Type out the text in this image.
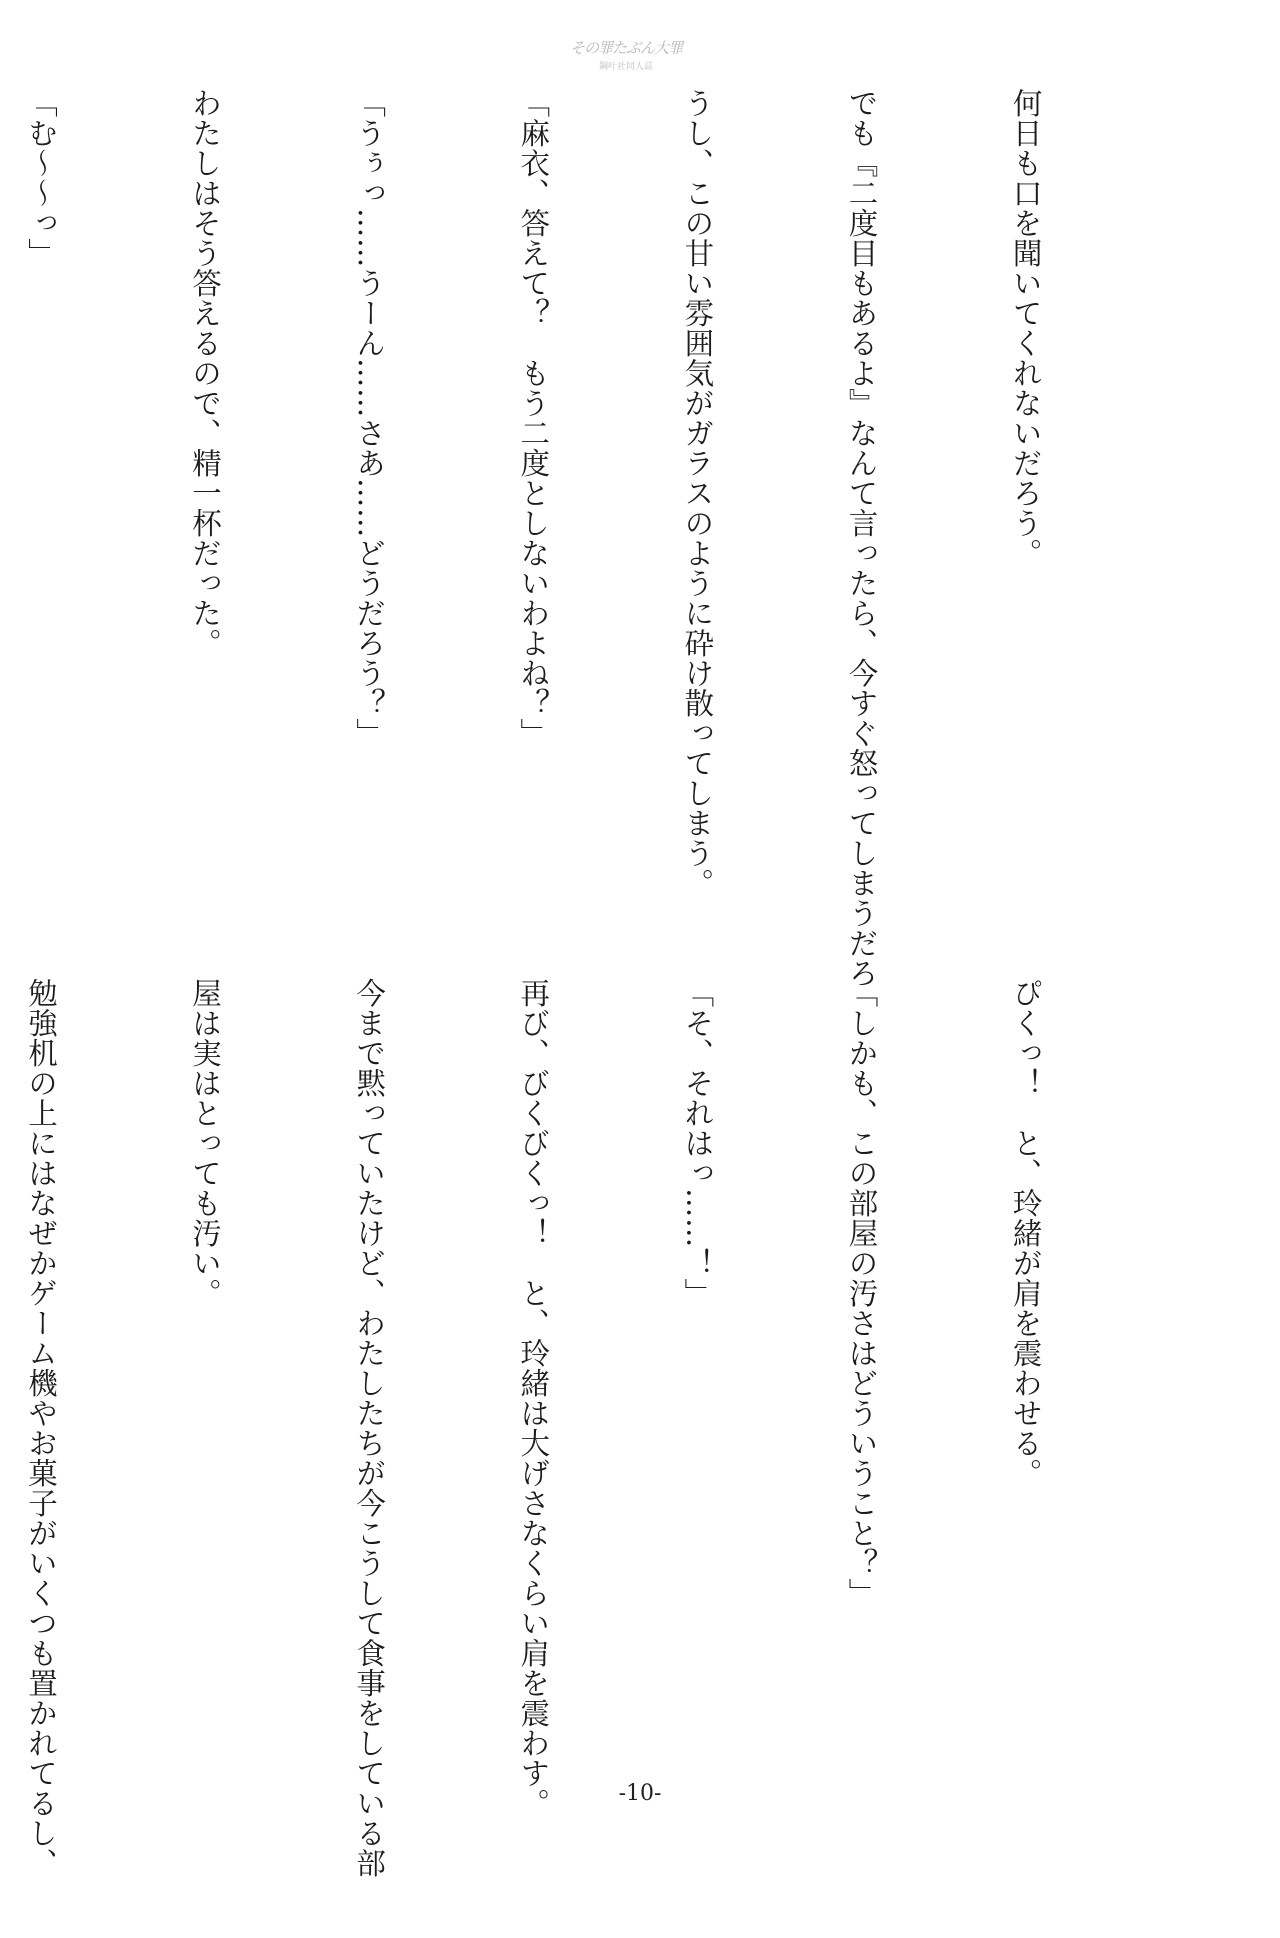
その罪たぶん大罪
鋼叶社同人誌

何日も口を聞いてくれないだろう。

でも『二度目もあるよ』なんて言ったら、今すぐ怒ってしまうだろ

うし、この甘い雰囲気がガラスのように砕け散ってしまう。

「麻衣、答えて？　もう二度としないわよね？」

「うぅっ……うーん……さあ……どうだろう？」

わたしはそう答えるので、精一杯だった。

「む〜〜っ」

ぴくっ！　と、玲緒が肩を震わせる。

「しかも、この部屋の汚さはどういうこと？」

「そ、それはっ……！」

再び、びくびくっ！　と、玲緒は大げさなくらい肩を震わす。

今まで黙っていたけど、わたしたちが今こうして食事をしている部

屋は実はとっても汚い。

勉強机の上にはなぜかゲーム機やお菓子がいくつも置かれてるし、

	-10-
